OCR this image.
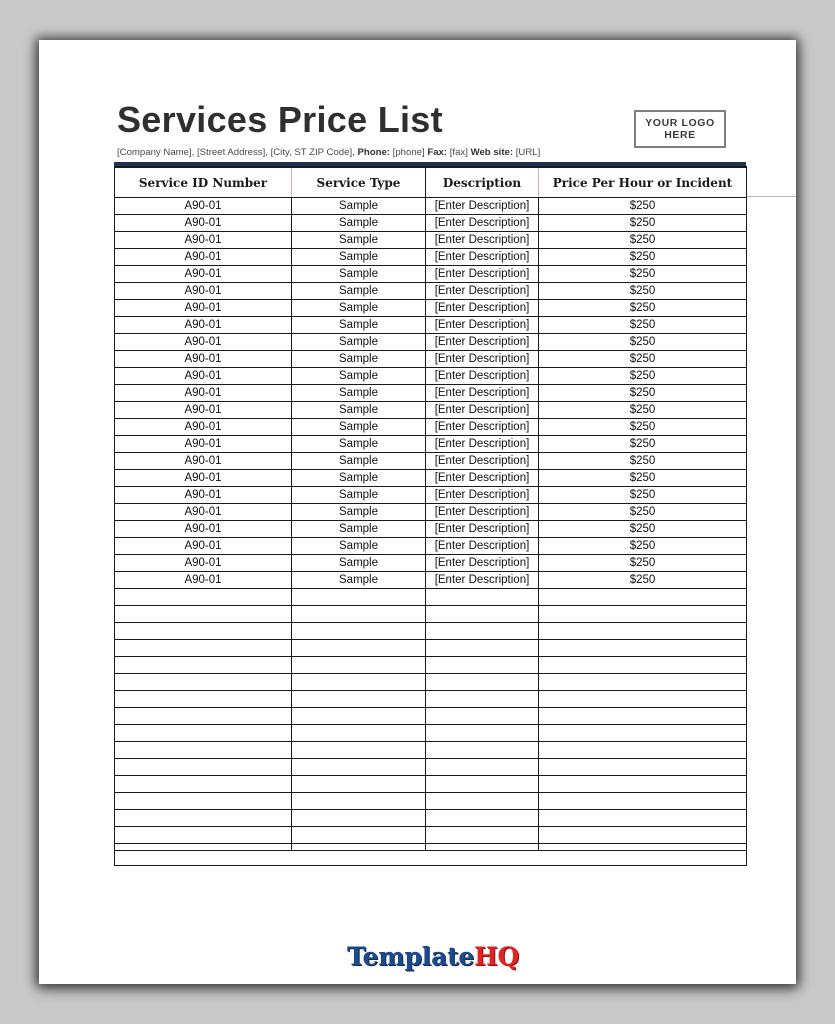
Services Price List
[Company Name], [Street Address], [City, ST ZIP Code], Phone: [phone] Fax: [fax] Web site: [URL]
YOUR LOGO
HERE
Service ID Number	Service Type	Description	Price Per Hour or Incident
A90-01	Sample	[Enter Description]	$250
A90-01	Sample	[Enter Description]	$250
A90-01	Sample	[Enter Description]	$250
A90-01	Sample	[Enter Description]	$250
A90-01	Sample	[Enter Description]	$250
A90-01	Sample	[Enter Description]	$250
A90-01	Sample	[Enter Description]	$250
A90-01	Sample	[Enter Description]	$250
A90-01	Sample	[Enter Description]	$250
A90-01	Sample	[Enter Description]	$250
A90-01	Sample	[Enter Description]	$250
A90-01	Sample	[Enter Description]	$250
A90-01	Sample	[Enter Description]	$250
A90-01	Sample	[Enter Description]	$250
A90-01	Sample	[Enter Description]	$250
A90-01	Sample	[Enter Description]	$250
A90-01	Sample	[Enter Description]	$250
A90-01	Sample	[Enter Description]	$250
A90-01	Sample	[Enter Description]	$250
A90-01	Sample	[Enter Description]	$250
A90-01	Sample	[Enter Description]	$250
A90-01	Sample	[Enter Description]	$250
A90-01	Sample	[Enter Description]	$250

TemplateHQ
